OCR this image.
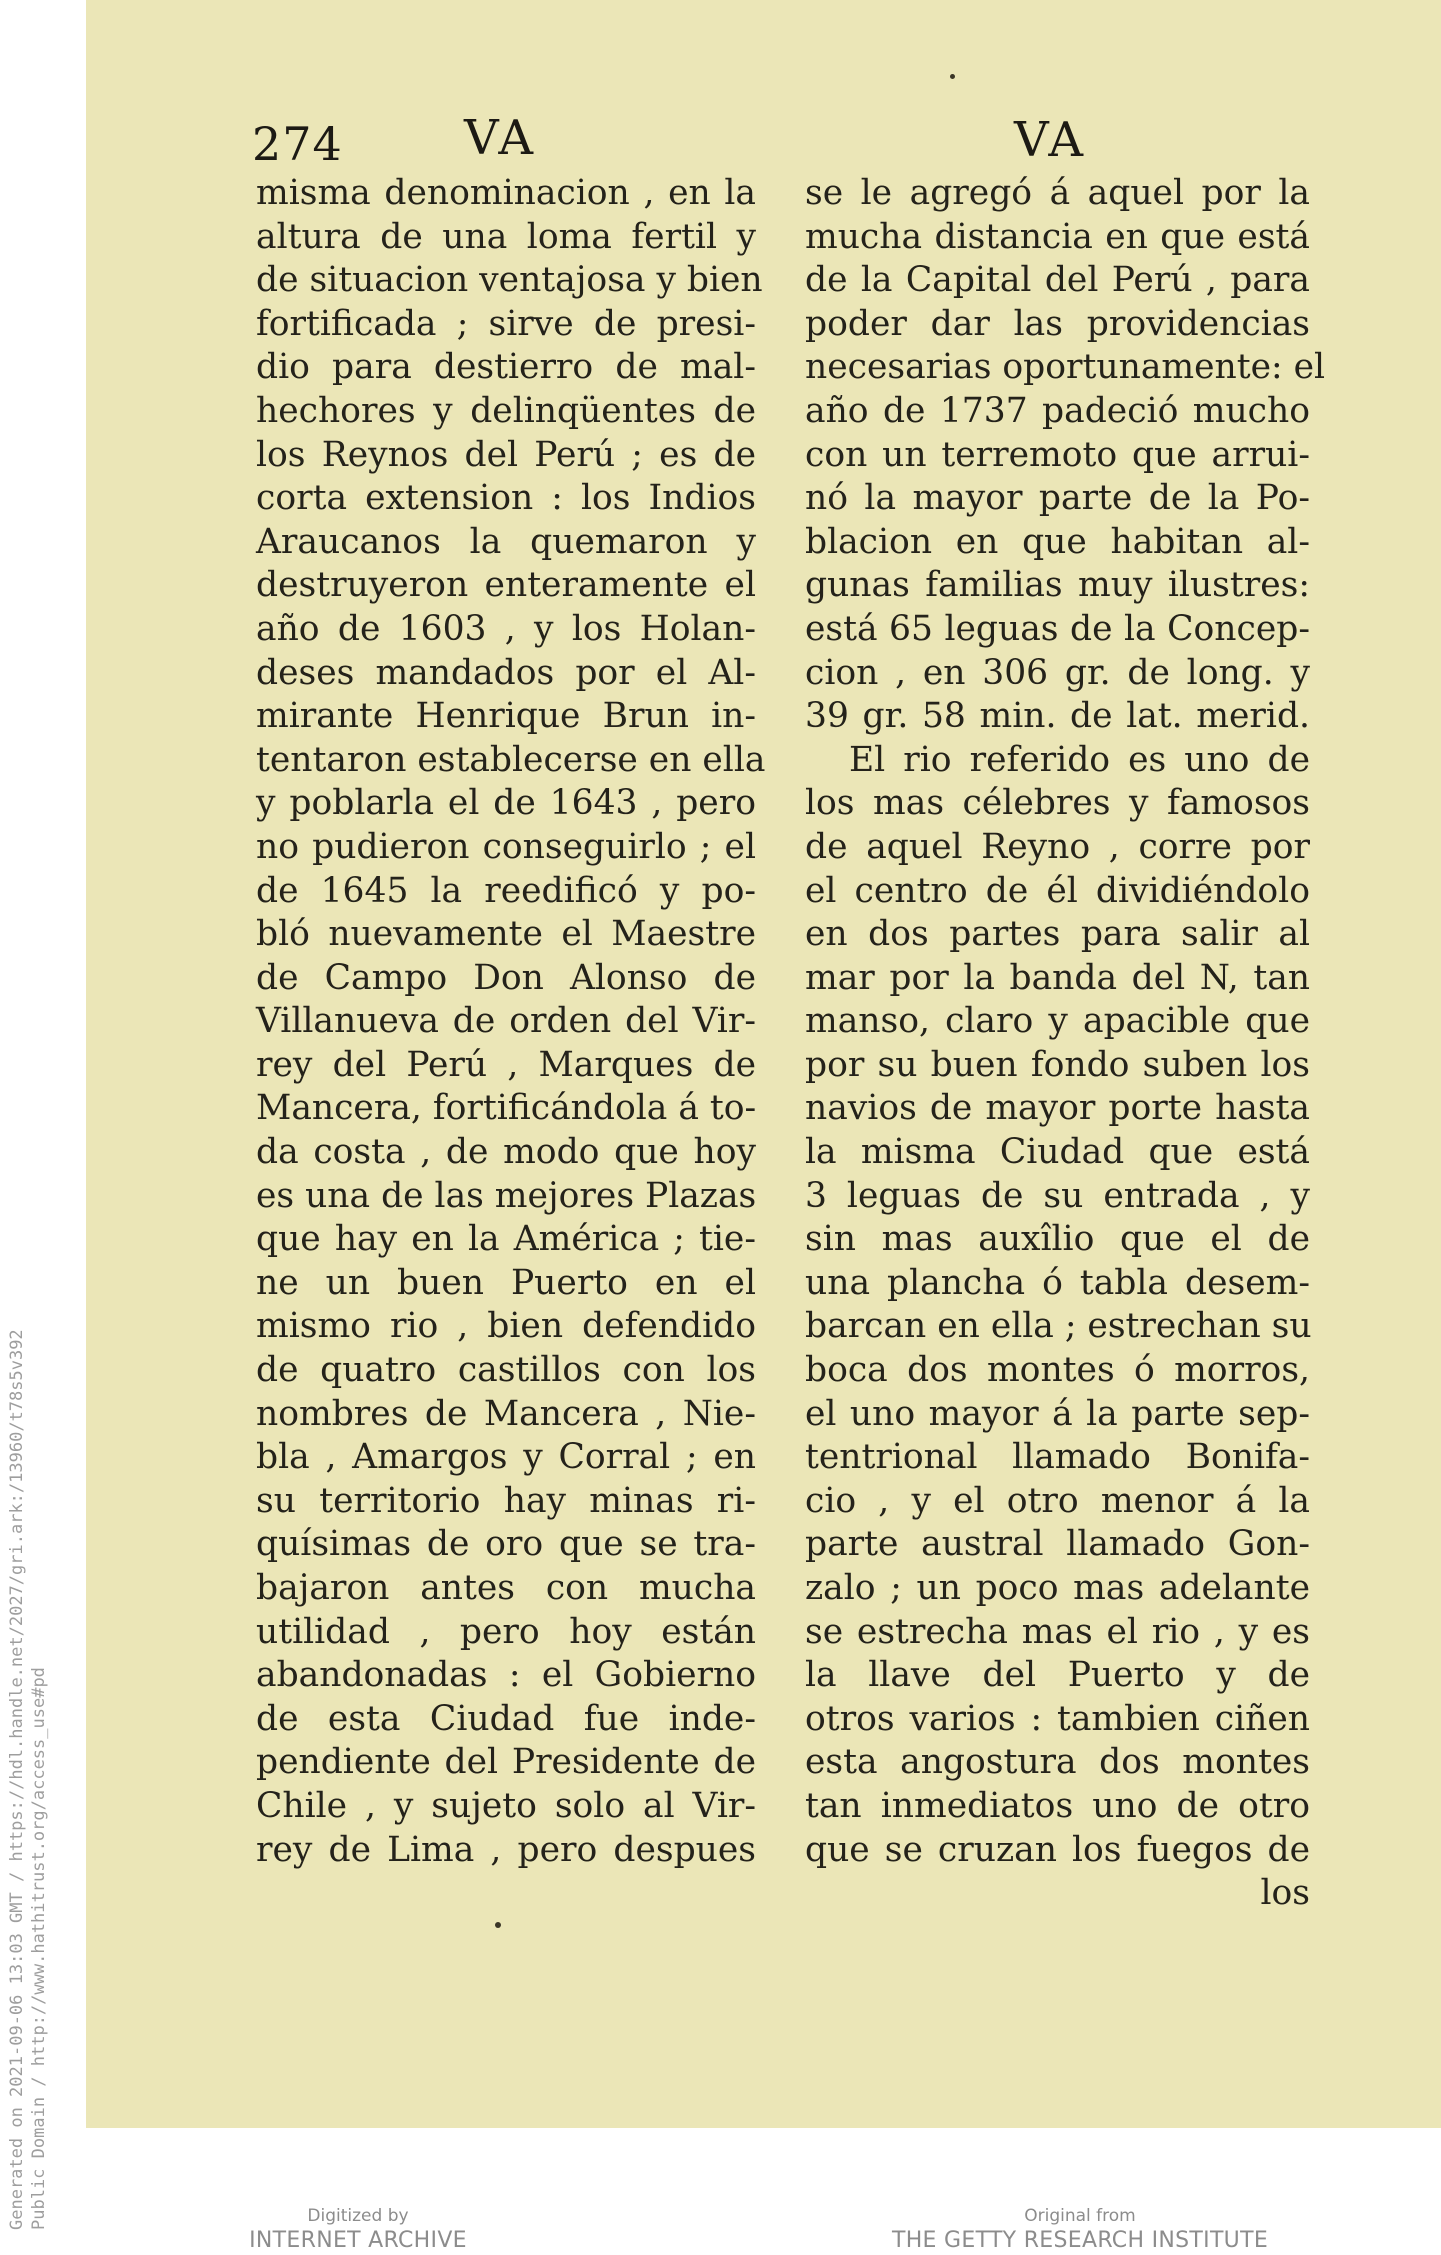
Generated on 2021-09-06 13:03 GMT / https://hdl.handle.net/2027/gri.ark:/13960/t78s5v392 Public Domain / http://www.hathitrust.org/access_use#pd
274	VA	VA
misma denominacion , en la
altura de una loma fertil y
de situacion ventajosa y bien
fortificada ; sirve de presi-
dio para destierro de mal-
hechores y delinqüentes de
los Reynos del Perú ; es de
corta extension : los Indios
Araucanos la quemaron y
destruyeron enteramente el
año de 1603 , y los Holan-
deses mandados por el Al-
mirante Henrique Brun in-
tentaron establecerse en ella
y poblarla el de 1643 , pero
no pudieron conseguirlo ; el
de 1645 la reedificó y po-
bló nuevamente el Maestre
de Campo Don Alonso de
Villanueva de orden del Vir-
rey del Perú , Marques de
Mancera, fortificándola á to-
da costa , de modo que hoy
es una de las mejores Plazas
que hay en la América ; tie-
ne un buen Puerto en el
mismo rio , bien defendido
de quatro castillos con los
nombres de Mancera , Nie-
bla , Amargos y Corral ; en
su territorio hay minas ri-
quísimas de oro que se tra-
bajaron antes con mucha
utilidad , pero hoy están
abandonadas : el Gobierno
de esta Ciudad fue inde-
pendiente del Presidente de
Chile , y sujeto solo al Vir-
rey de Lima , pero despues
se le agregó á aquel por la
mucha distancia en que está
de la Capital del Perú , para
poder dar las providencias
necesarias oportunamente: el
año de 1737 padeció mucho
con un terremoto que arrui-
nó la mayor parte de la Po-
blacion en que habitan al-
gunas familias muy ilustres:
está 65 leguas de la Concep-
cion , en 306 gr. de long. y
39 gr. 58 min. de lat. merid.
El rio referido es uno de
los mas célebres y famosos
de aquel Reyno , corre por
el centro de él dividiéndolo
en dos partes para salir al
mar por la banda del N, tan
manso, claro y apacible que
por su buen fondo suben los
navios de mayor porte hasta
la misma Ciudad que está
3 leguas de su entrada , y
sin mas auxîlio que el de
una plancha ó tabla desem-
barcan en ella ; estrechan su
boca dos montes ó morros,
el uno mayor á la parte sep-
tentrional llamado Bonifa-
cio , y el otro menor á la
parte austral llamado Gon-
zalo ; un poco mas adelante
se estrecha mas el rio , y es
la llave del Puerto y de
otros varios : tambien ciñen
esta angostura dos montes
tan inmediatos uno de otro
que se cruzan los fuegos de
los
Digitized by
INTERNET ARCHIVE
Original from
THE GETTY RESEARCH INSTITUTE
